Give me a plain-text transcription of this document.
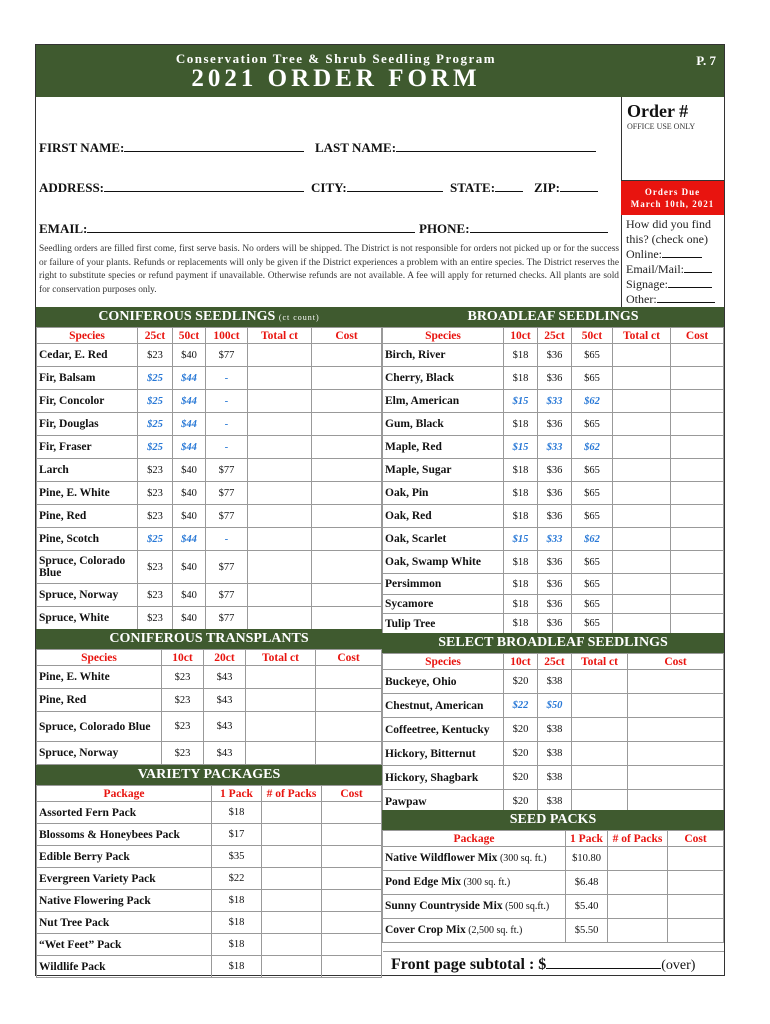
Conservation Tree & Shrub Seedling Program
2021 ORDER FORM
P. 7
Order #
OFFICE USE ONLY
Orders Due
March 10th, 2021
FIRST NAME:	LAST NAME:
ADDRESS:	CITY:	STATE:	ZIP:
EMAIL:	PHONE:	How did you find this? (check one)
Online:
Email/Mail:
Signage:
Other:
Seedling orders are filled first come, first serve basis. No orders will be shipped. The District is not responsible for orders not picked up or for the success or failure of your plants. Refunds or replacements will only be given if the District experiences a problem with an entire species. The District reserves the right to substitute species or refund payment if unavailable. Otherwise refunds are not available. A fee will apply for returned checks. All plants are sold for conservation purposes only.
CONIFEROUS SEEDLINGS (ct count)
Species	25ct	50ct	100ct	Total ct	Cost
Cedar, E. Red	$23	$40	$77		
Fir, Balsam	$25	$44	-		
Fir, Concolor	$25	$44	-		
Fir, Douglas	$25	$44	-		
Fir, Fraser	$25	$44	-		
Larch	$23	$40	$77		
Pine, E. White	$23	$40	$77		
Pine, Red	$23	$40	$77		
Pine, Scotch	$25	$44	-		
Spruce, Colorado Blue	$23	$40	$77		
Spruce, Norway	$23	$40	$77		
Spruce, White	$23	$40	$77		
BROADLEAF SEEDLINGS
Species	10ct	25ct	50ct	Total ct	Cost
Birch, River	$18	$36	$65		
Cherry, Black	$18	$36	$65		
Elm, American	$15	$33	$62		
Gum, Black	$18	$36	$65		
Maple, Red	$15	$33	$62		
Maple, Sugar	$18	$36	$65		
Oak, Pin	$18	$36	$65		
Oak, Red	$18	$36	$65		
Oak, Scarlet	$15	$33	$62		
Oak, Swamp White	$18	$36	$65		
Persimmon	$18	$36	$65		
Sycamore	$18	$36	$65		
Tulip Tree	$18	$36	$65		
CONIFEROUS TRANSPLANTS
Species	10ct	20ct	Total ct	Cost
Pine, E. White	$23	$43		
Pine, Red	$23	$43		
Spruce, Colorado Blue	$23	$43		
Spruce, Norway	$23	$43		
SELECT BROADLEAF SEEDLINGS
Species	10ct	25ct	Total ct	Cost
Buckeye, Ohio	$20	$38		
Chestnut, American	$22	$50		
Coffeetree, Kentucky	$20	$38		
Hickory, Bitternut	$20	$38		
Hickory, Shagbark	$20	$38		
Pawpaw	$20	$38		
VARIETY PACKAGES
Package	1 Pack	# of Packs	Cost
Assorted Fern Pack	$18		
Blossoms & Honeybees Pack	$17		
Edible Berry Pack	$35		
Evergreen Variety Pack	$22		
Native Flowering Pack	$18		
Nut Tree Pack	$18		
“Wet Feet” Pack	$18		
Wildlife Pack	$18		
SEED PACKS
Package	1 Pack	# of Packs	Cost
Native Wildflower Mix (300 sq. ft.)	$10.80		
Pond Edge Mix (300 sq. ft.)	$6.48		
Sunny Countryside Mix (500 sq.ft.)	$5.40		
Cover Crop Mix (2,500 sq. ft.)	$5.50		
Front page subtotal : $	(over)
